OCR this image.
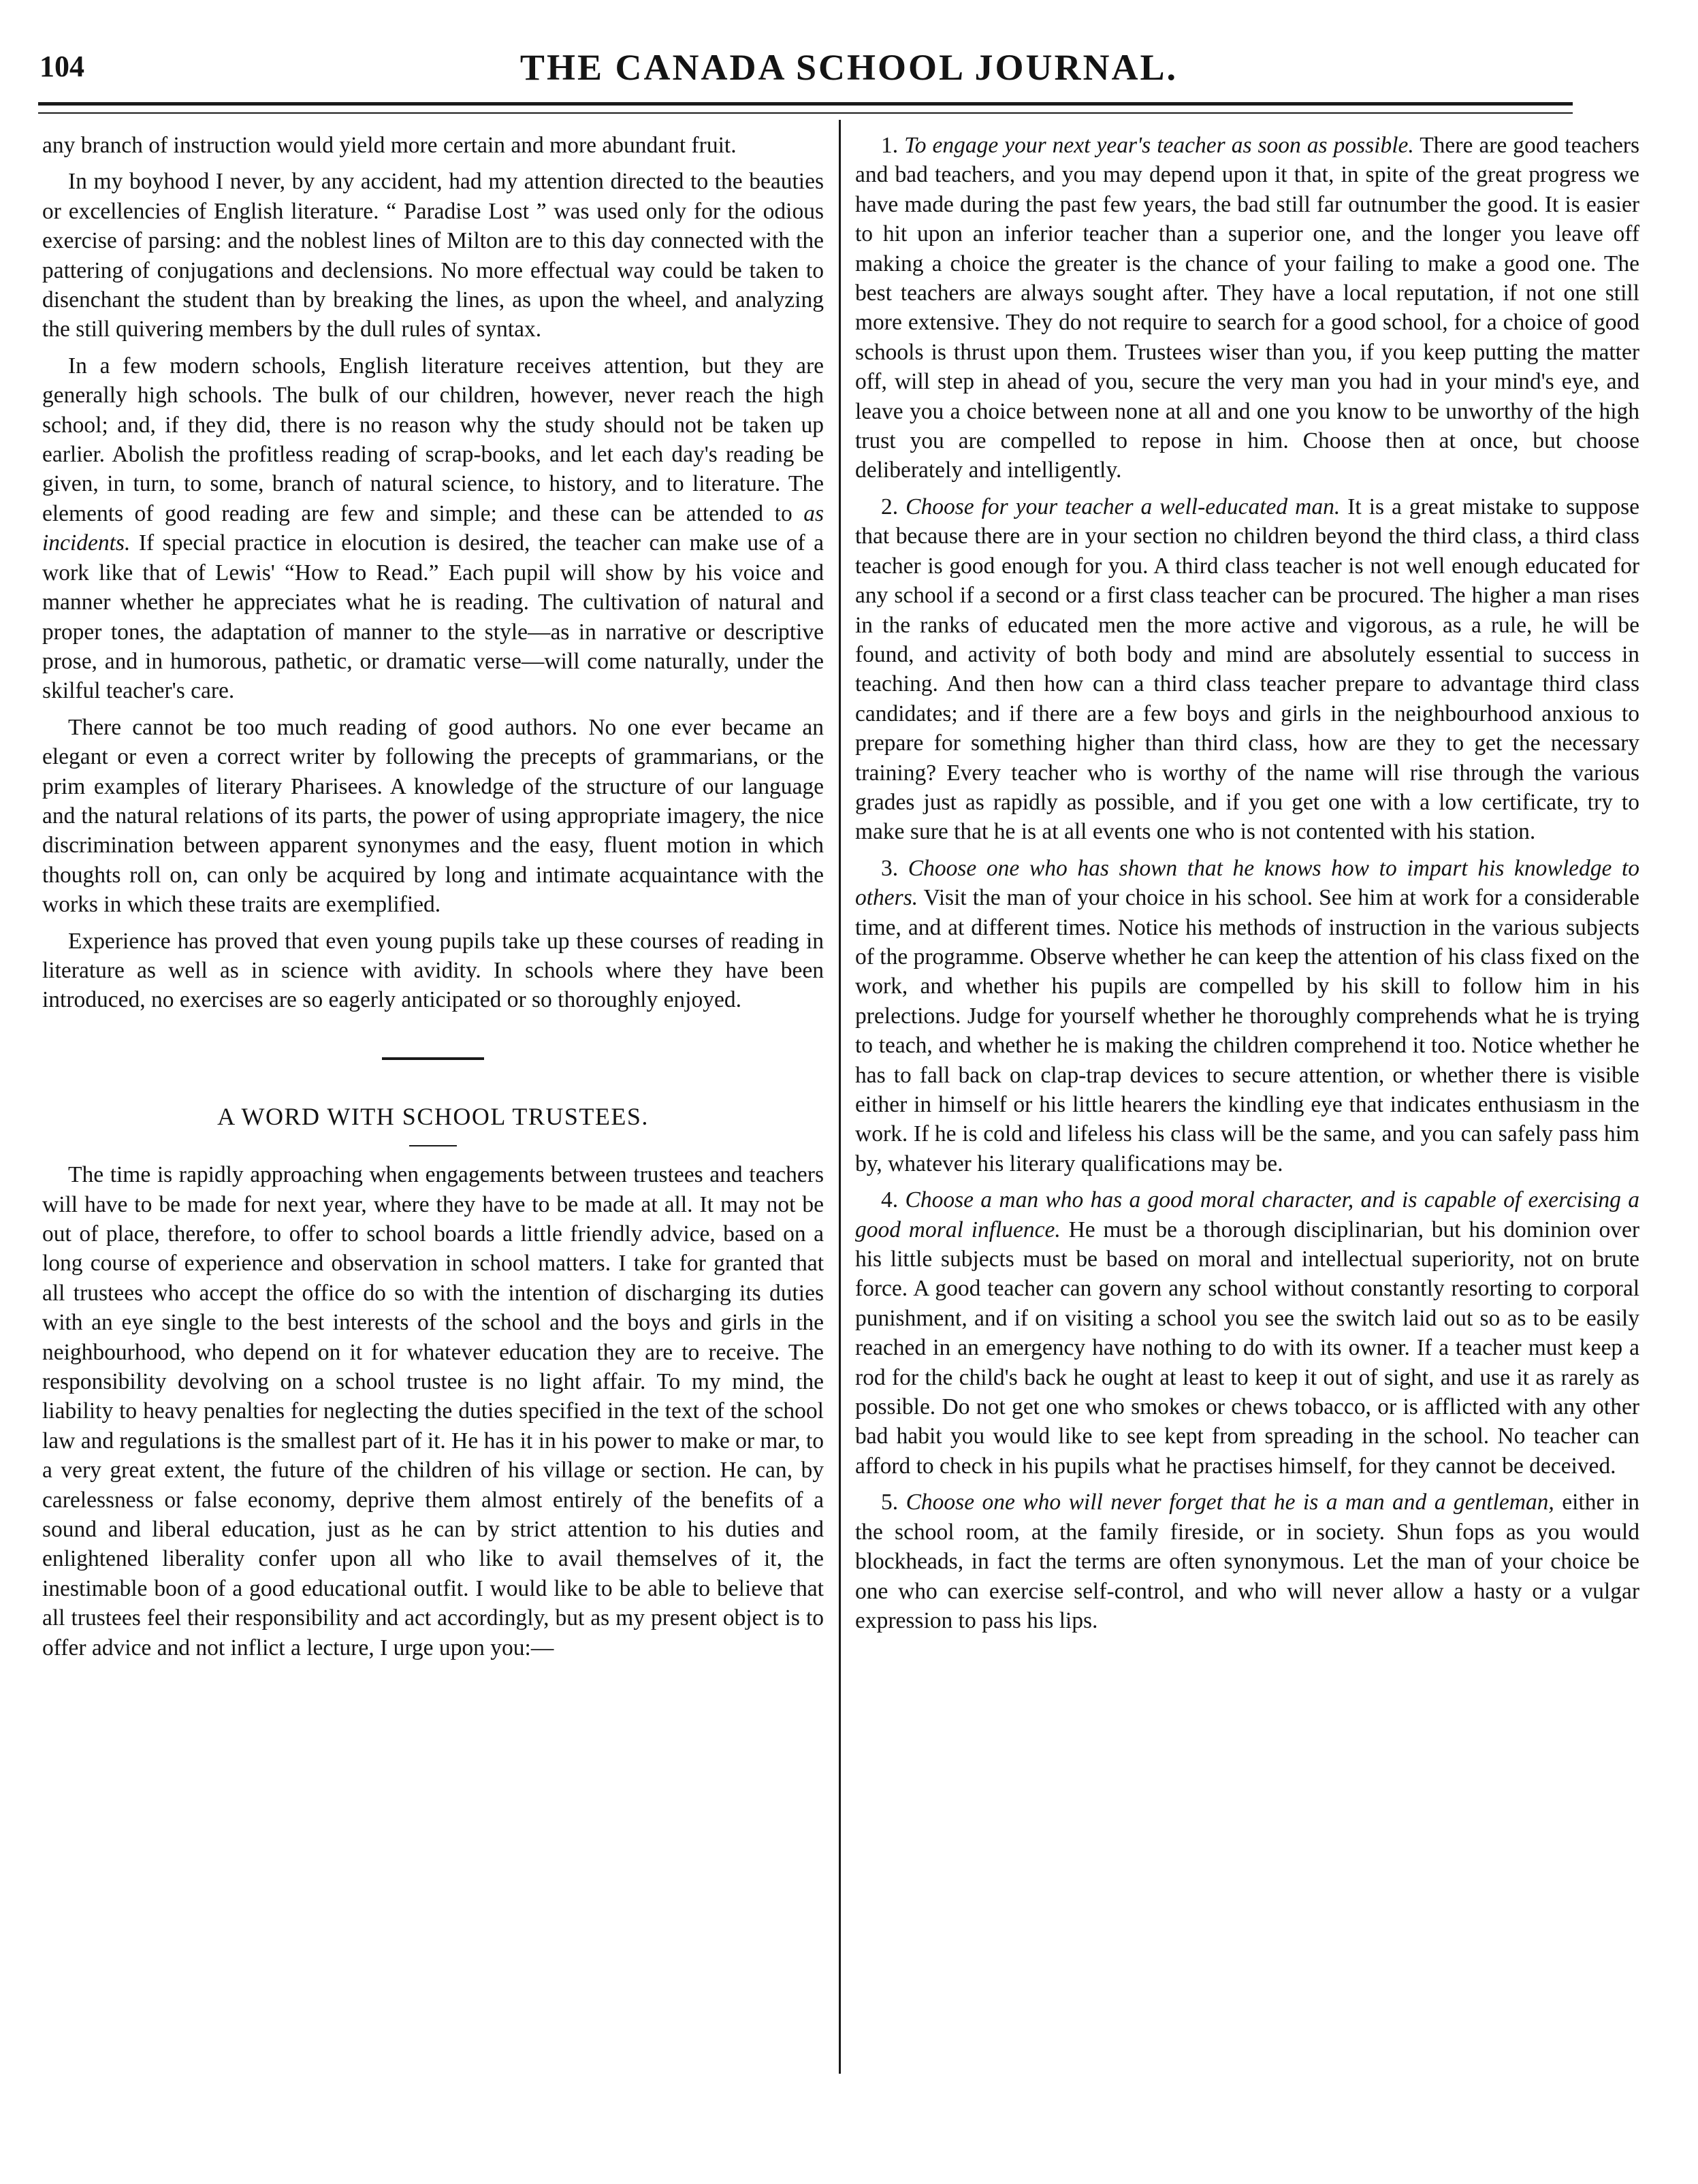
104	THE CANADA SCHOOL JOURNAL.

any branch of instruction would yield more certain and more abundant fruit.

In my boyhood I never, by any accident, had my attention directed to the beauties or excellencies of English literature. “ Paradise Lost ” was used only for the odious exercise of parsing: and the noblest lines of Milton are to this day connected with the pattering of conjugations and declensions. No more effectual way could be taken to disenchant the student than by breaking the lines, as upon the wheel, and analyzing the still quivering members by the dull rules of syntax.

In a few modern schools, English literature receives attention, but they are generally high schools. The bulk of our children, however, never reach the high school; and, if they did, there is no reason why the study should not be taken up earlier. Abolish the profitless reading of scrap-books, and let each day's reading be given, in turn, to some, branch of natural science, to history, and to literature. The elements of good reading are few and simple; and these can be attended to as incidents. If special practice in elocution is desired, the teacher can make use of a work like that of Lewis' “How to Read.” Each pupil will show by his voice and manner whether he appreciates what he is reading. The cultivation of natural and proper tones, the adaptation of manner to the style—as in narrative or descriptive prose, and in humorous, pathetic, or dramatic verse—will come naturally, under the skilful teacher's care.

There cannot be too much reading of good authors. No one ever became an elegant or even a correct writer by following the precepts of grammarians, or the prim examples of literary Pharisees. A knowledge of the structure of our language and the natural relations of its parts, the power of using appropriate imagery, the nice discrimination between apparent synonymes and the easy, fluent motion in which thoughts roll on, can only be acquired by long and intimate acquaintance with the works in which these traits are exemplified.

Experience has proved that even young pupils take up these courses of reading in literature as well as in science with avidity. In schools where they have been introduced, no exercises are so eagerly anticipated or so thoroughly enjoyed.

A WORD WITH SCHOOL TRUSTEES.

The time is rapidly approaching when engagements between trustees and teachers will have to be made for next year, where they have to be made at all. It may not be out of place, therefore, to offer to school boards a little friendly advice, based on a long course of experience and observation in school matters. I take for granted that all trustees who accept the office do so with the intention of discharging its duties with an eye single to the best interests of the school and the boys and girls in the neighbourhood, who depend on it for whatever education they are to receive. The responsibility devolving on a school trustee is no light affair. To my mind, the liability to heavy penalties for neglecting the duties specified in the text of the school law and regulations is the smallest part of it. He has it in his power to make or mar, to a very great extent, the future of the children of his village or section. He can, by carelessness or false economy, deprive them almost entirely of the benefits of a sound and liberal education, just as he can by strict attention to his duties and enlightened liberality confer upon all who like to avail themselves of it, the inestimable boon of a good educational outfit. I would like to be able to believe that all trustees feel their responsibility and act accordingly, but as my present object is to offer advice and not inflict a lecture, I urge upon you:—

1. To engage your next year's teacher as soon as possible. There are good teachers and bad teachers, and you may depend upon it that, in spite of the great progress we have made during the past few years, the bad still far outnumber the good. It is easier to hit upon an inferior teacher than a superior one, and the longer you leave off making a choice the greater is the chance of your failing to make a good one. The best teachers are always sought after. They have a local reputation, if not one still more extensive. They do not require to search for a good school, for a choice of good schools is thrust upon them. Trustees wiser than you, if you keep putting the matter off, will step in ahead of you, secure the very man you had in your mind's eye, and leave you a choice between none at all and one you know to be unworthy of the high trust you are compelled to repose in him. Choose then at once, but choose deliberately and intelligently.

2. Choose for your teacher a well-educated man. It is a great mistake to suppose that because there are in your section no children beyond the third class, a third class teacher is good enough for you. A third class teacher is not well enough educated for any school if a second or a first class teacher can be procured. The higher a man rises in the ranks of educated men the more active and vigorous, as a rule, he will be found, and activity of both body and mind are absolutely essential to success in teaching. And then how can a third class teacher prepare to advantage third class candidates; and if there are a few boys and girls in the neighbourhood anxious to prepare for something higher than third class, how are they to get the necessary training? Every teacher who is worthy of the name will rise through the various grades just as rapidly as possible, and if you get one with a low certificate, try to make sure that he is at all events one who is not contented with his station.

3. Choose one who has shown that he knows how to impart his knowledge to others. Visit the man of your choice in his school. See him at work for a considerable time, and at different times. Notice his methods of instruction in the various subjects of the programme. Observe whether he can keep the attention of his class fixed on the work, and whether his pupils are compelled by his skill to follow him in his prelections. Judge for yourself whether he thoroughly comprehends what he is trying to teach, and whether he is making the children comprehend it too. Notice whether he has to fall back on clap-trap devices to secure attention, or whether there is visible either in himself or his little hearers the kindling eye that indicates enthusiasm in the work. If he is cold and lifeless his class will be the same, and you can safely pass him by, whatever his literary qualifications may be.

4. Choose a man who has a good moral character, and is capable of exercising a good moral influence. He must be a thorough disciplinarian, but his dominion over his little subjects must be based on moral and intellectual superiority, not on brute force. A good teacher can govern any school without constantly resorting to corporal punishment, and if on visiting a school you see the switch laid out so as to be easily reached in an emergency have nothing to do with its owner. If a teacher must keep a rod for the child's back he ought at least to keep it out of sight, and use it as rarely as possible. Do not get one who smokes or chews tobacco, or is afflicted with any other bad habit you would like to see kept from spreading in the school. No teacher can afford to check in his pupils what he practises himself, for they cannot be deceived.

5. Choose one who will never forget that he is a man and a gentleman, either in the school room, at the family fireside, or in society. Shun fops as you would blockheads, in fact the terms are often synonymous. Let the man of your choice be one who can exercise self-control, and who will never allow a hasty or a vulgar expression to pass his lips.
